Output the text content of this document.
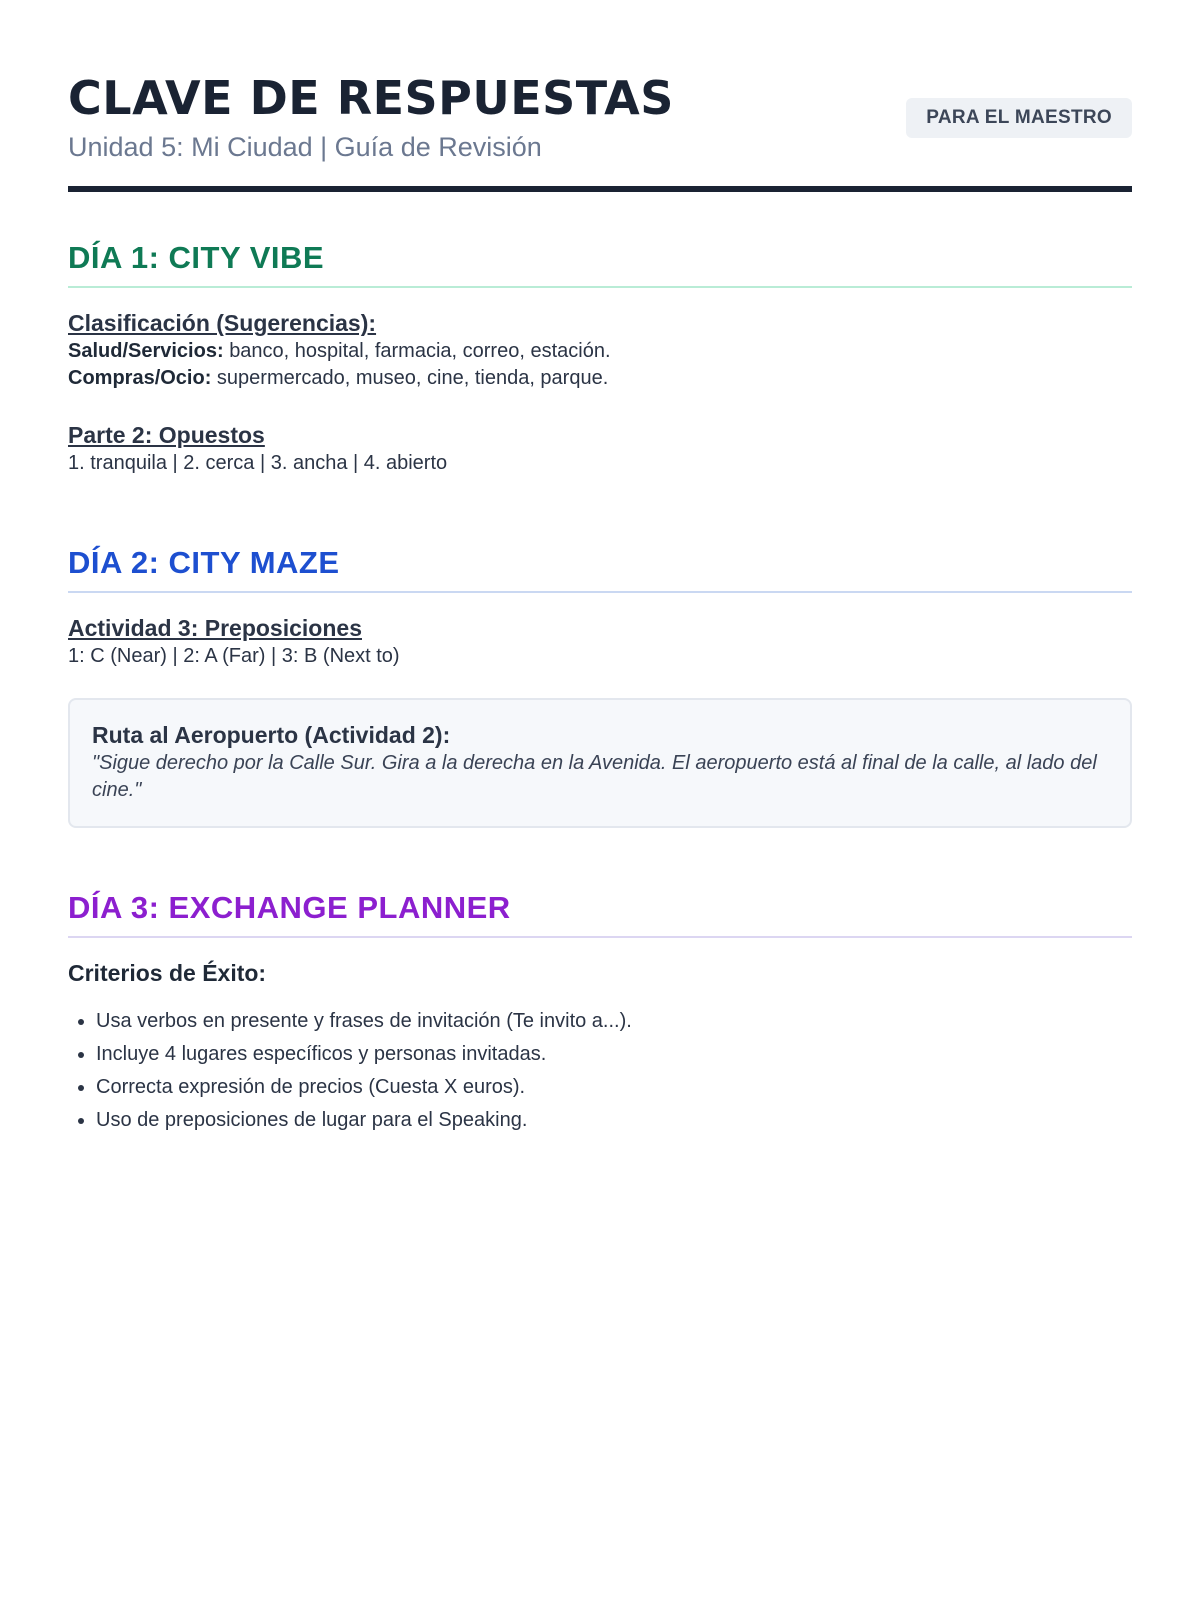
CLAVE DE RESPUESTAS
Unidad 5: Mi Ciudad | Guía de Revisión
PARA EL MAESTRO
DÍA 1: CITY VIBE
Clasificación (Sugerencias):
Salud/Servicios: banco, hospital, farmacia, correo, estación.
Compras/Ocio: supermercado, museo, cine, tienda, parque.
Parte 2: Opuestos
1. tranquila | 2. cerca | 3. ancha | 4. abierto
DÍA 2: CITY MAZE
Actividad 3: Preposiciones
1: C (Near) | 2: A (Far) | 3: B (Next to)
Ruta al Aeropuerto (Actividad 2):
"Sigue derecho por la Calle Sur. Gira a la derecha en la Avenida. El aeropuerto está al final de la calle, al lado del cine."
DÍA 3: EXCHANGE PLANNER
Criterios de Éxito:
• Usa verbos en presente y frases de invitación (Te invito a...).
• Incluye 4 lugares específicos y personas invitadas.
• Correcta expresión de precios (Cuesta X euros).
• Uso de preposiciones de lugar para el Speaking.
